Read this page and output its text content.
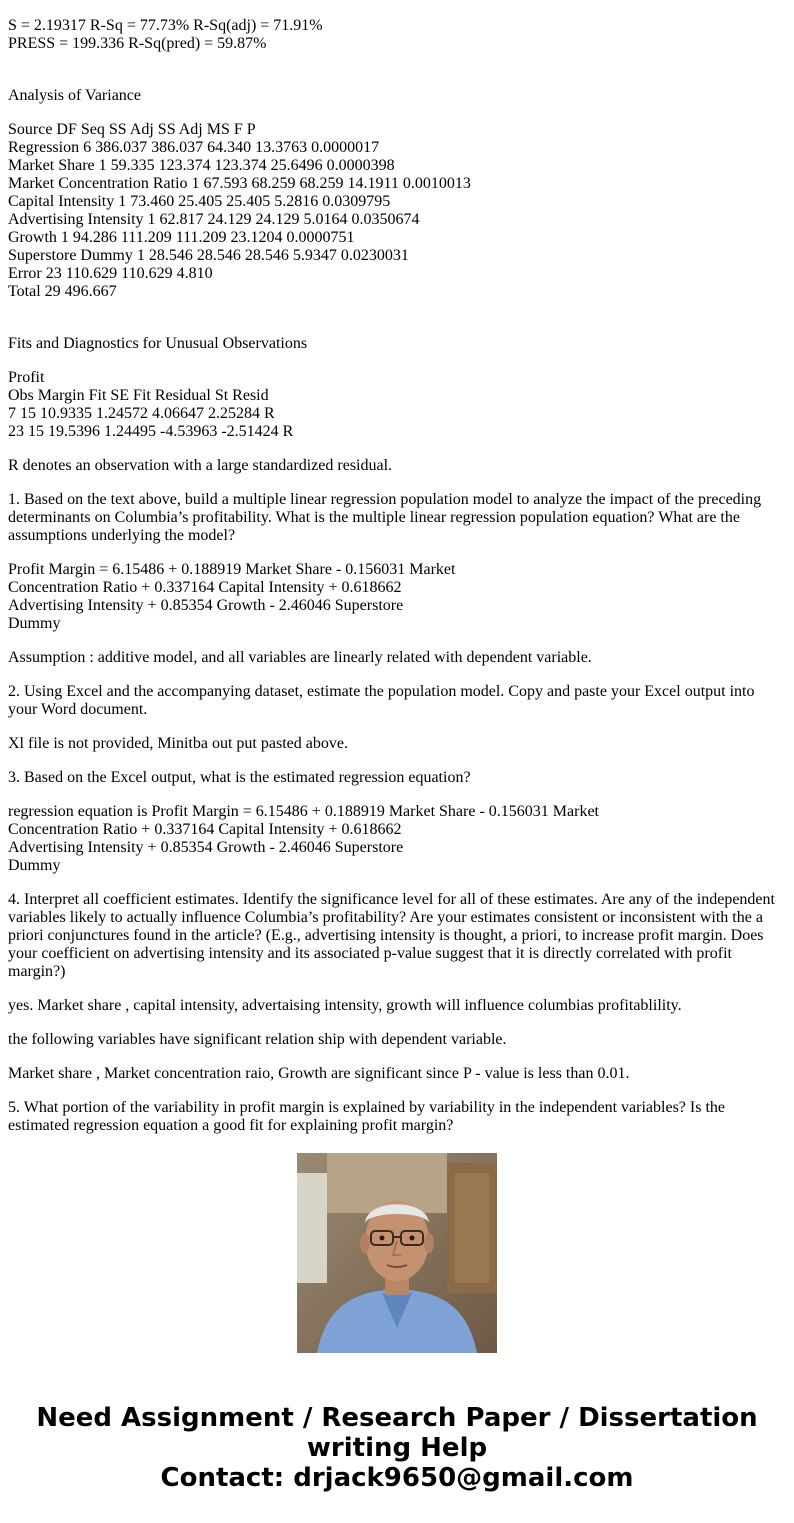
S = 2.19317 R-Sq = 77.73% R-Sq(adj) = 71.91%

PRESS = 199.336 R-Sq(pred) = 59.87%

Analysis of Variance

Source DF Seq SS Adj SS Adj MS F P

Regression 6 386.037 386.037 64.340 13.3763 0.0000017

Market Share 1 59.335 123.374 123.374 25.6496 0.0000398

Market Concentration Ratio 1 67.593 68.259 68.259 14.1911 0.0010013

Capital Intensity 1 73.460 25.405 25.405 5.2816 0.0309795

Advertising Intensity 1 62.817 24.129 24.129 5.0164 0.0350674

Growth 1 94.286 111.209 111.209 23.1204 0.0000751

Superstore Dummy 1 28.546 28.546 28.546 5.9347 0.0230031

Error 23 110.629 110.629 4.810

Total 29 496.667

Fits and Diagnostics for Unusual Observations

Profit

Obs Margin Fit SE Fit Residual St Resid

7 15 10.9335 1.24572 4.06647 2.25284 R

23 15 19.5396 1.24495 -4.53963 -2.51424 R

R denotes an observation with a large standardized residual.

1. Based on the text above, build a multiple linear regression population model to analyze the impact of the preceding determinants on Columbia’s profitability. What is the multiple linear regression population equation? What are the assumptions underlying the model?

Profit Margin = 6.15486 + 0.188919 Market Share - 0.156031 Market

Concentration Ratio + 0.337164 Capital Intensity + 0.618662

Advertising Intensity + 0.85354 Growth - 2.46046 Superstore

Dummy

Assumption : additive model, and all variables are linearly related with dependent variable.

2. Using Excel and the accompanying dataset, estimate the population model. Copy and paste your Excel output into your Word document.

Xl file is not provided, Minitba out put pasted above.

3. Based on the Excel output, what is the estimated regression equation?

regression equation is Profit Margin = 6.15486 + 0.188919 Market Share - 0.156031 Market

Concentration Ratio + 0.337164 Capital Intensity + 0.618662

Advertising Intensity + 0.85354 Growth - 2.46046 Superstore

Dummy

4. Interpret all coefficient estimates. Identify the significance level for all of these estimates. Are any of the independent variables likely to actually influence Columbia’s profitability? Are your estimates consistent or inconsistent with the a priori conjunctures found in the article? (E.g., advertising intensity is thought, a priori, to increase profit margin. Does your coefficient on advertising intensity and its associated p-value suggest that it is directly correlated with profit margin?)

yes. Market share , capital intensity, advertaising intensity, growth will influence columbias profitablility.

the following variables have significant relation ship with dependent variable.

Market share , Market concentration raio, Growth are significant since P - value is less than 0.01.

5. What portion of the variability in profit margin is explained by variability in the independent variables? Is the estimated regression equation a good fit for explaining profit margin?

Need Assignment / Research Paper / Dissertation
writing Help
Contact: drjack9650@gmail.com
